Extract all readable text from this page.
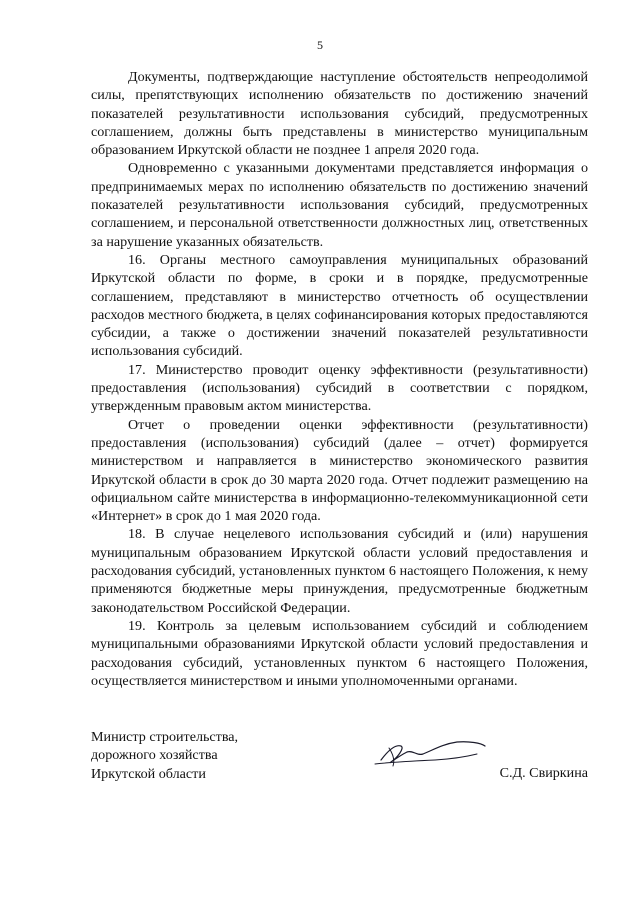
5

Документы, подтверждающие наступление обстоятельств непреодолимой силы, препятствующих исполнению обязательств по достижению значений показателей результативности использования субсидий, предусмотренных соглашением, должны быть представлены в министерство муниципальным образованием Иркутской области не позднее 1 апреля 2020 года.

Одновременно с указанными документами представляется информация о предпринимаемых мерах по исполнению обязательств по достижению значений показателей результативности использования субсидий, предусмотренных соглашением, и персональной ответственности должностных лиц, ответственных за нарушение указанных обязательств.

16. Органы местного самоуправления муниципальных образований Иркутской области по форме, в сроки и в порядке, предусмотренные соглашением, представляют в министерство отчетность об осуществлении расходов местного бюджета, в целях софинансирования которых предоставляются субсидии, а также о достижении значений показателей результативности использования субсидий.

17. Министерство проводит оценку эффективности (результативности) предоставления (использования) субсидий в соответствии с порядком, утвержденным правовым актом министерства.

Отчет о проведении оценки эффективности (результативности) предоставления (использования) субсидий (далее – отчет) формируется министерством и направляется в министерство экономического развития Иркутской области в срок до 30 марта 2020 года. Отчет подлежит размещению на официальном сайте министерства в информационно-телекоммуникационной сети «Интернет» в срок до 1 мая 2020 года.

18. В случае нецелевого использования субсидий и (или) нарушения муниципальным образованием Иркутской области условий предоставления и расходования субсидий, установленных пунктом 6 настоящего Положения, к нему применяются бюджетные меры принуждения, предусмотренные бюджетным законодательством Российской Федерации.

19. Контроль за целевым использованием субсидий и соблюдением муниципальными образованиями Иркутской области условий предоставления и расходования субсидий, установленных пунктом 6 настоящего Положения, осуществляется министерством и иными уполномоченными органами.

Министр строительства,
дорожного хозяйства
Иркутской области	С.Д. Свиркина
